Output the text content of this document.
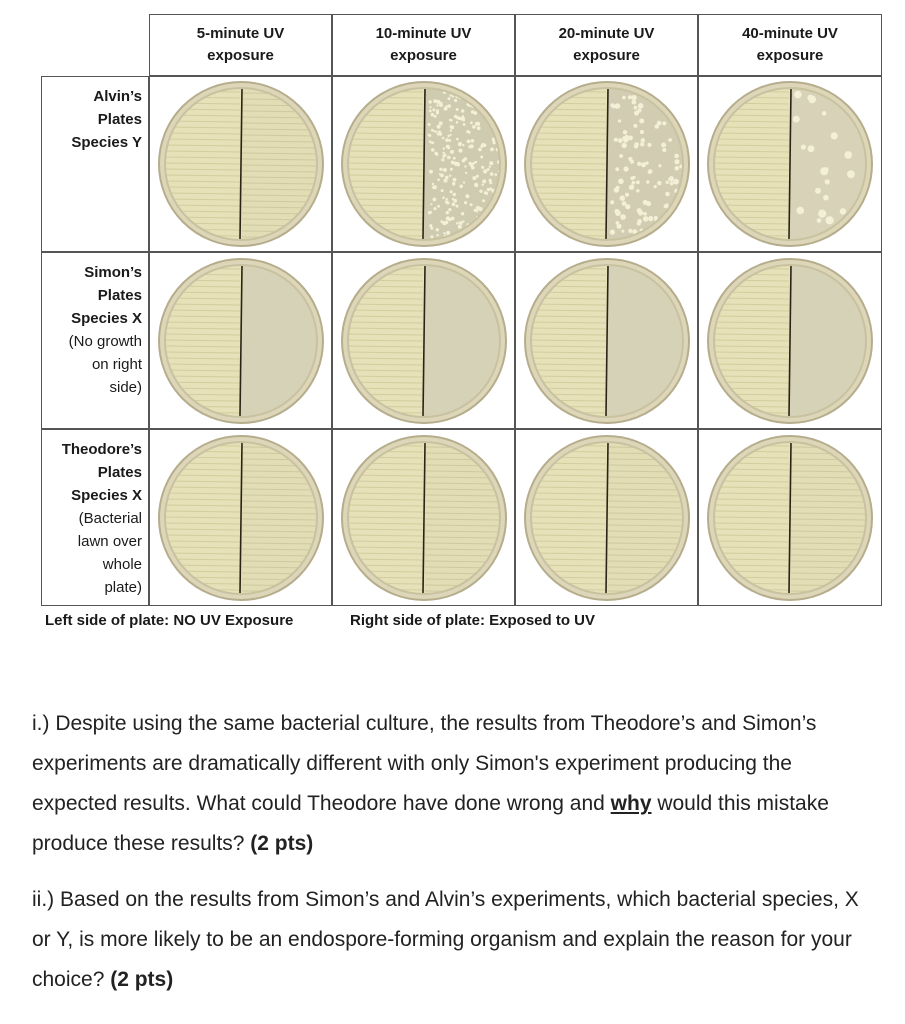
5-minute UV
exposure
10-minute UV
exposure
20-minute UV
exposure
40-minute UV
exposure
Alvin’s
Plates
Species Y
Simon’s
Plates
Species X
(No growth
on right
side)
Theodore’s
Plates
Species X
(Bacterial
lawn over
whole
plate)
Left side of plate: NO UV Exposure	Right side of plate: Exposed to UV
i.) Despite using the same bacterial culture, the results from Theodore’s and Simon’s experiments are dramatically different with only Simon's experiment producing the expected results. What could Theodore have done wrong and why would this mistake produce these results? (2 pts)
ii.) Based on the results from Simon’s and Alvin’s experiments, which bacterial species, X or Y, is more likely to be an endospore-forming organism and explain the reason for your choice? (2 pts)
